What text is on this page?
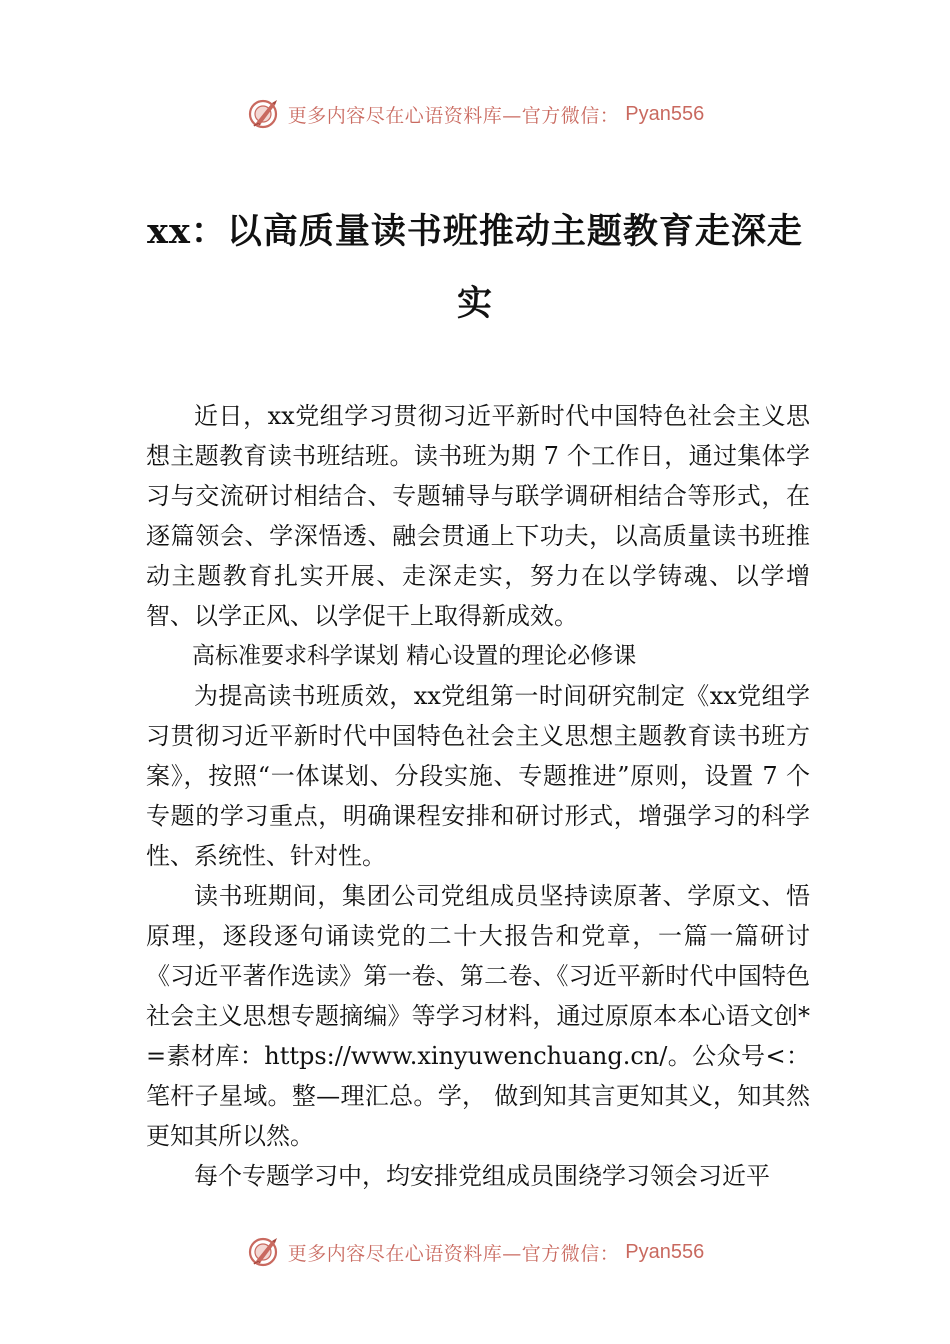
更多内容尽在心语资料库—官方微信： Pyan556
xx：以高质量读书班推动主题教育走深走实

近日，xx党组学习贯彻习近平新时代中国特色社会主义思想主题教育读书班结班。读书班为期 7 个工作日，通过集体学习与交流研讨相结合、专题辅导与联学调研相结合等形式，在逐篇领会、学深悟透、融会贯通上下功夫，以高质量读书班推动主题教育扎实开展、走深走实，努力在以学铸魂、以学增智、以学正风、以学促干上取得新成效。

高标准要求科学谋划 精心设置的理论必修课

为提高读书班质效，xx党组第一时间研究制定《xx党组学习贯彻习近平新时代中国特色社会主义思想主题教育读书班方案》，按照“一体谋划、分段实施、专题推进”原则，设置 7 个专题的学习重点，明确课程安排和研讨形式，增强学习的科学性、系统性、针对性。

读书班期间，集团公司党组成员坚持读原著、学原文、悟原理，逐段逐句诵读党的二十大报告和党章，一篇一篇研讨《习近平著作选读》第一卷、第二卷、《习近平新时代中国特色社会主义思想专题摘编》等学习材料，通过原原本本心语文创*=素材库：https://www.xinyuwenchuang.cn/。公众号<：笔杆子星域。整—理汇总。学， 做到知其言更知其义，知其然更知其所以然。

每个专题学习中，均安排党组成员围绕学习领会习近平

更多内容尽在心语资料库—官方微信： Pyan556
